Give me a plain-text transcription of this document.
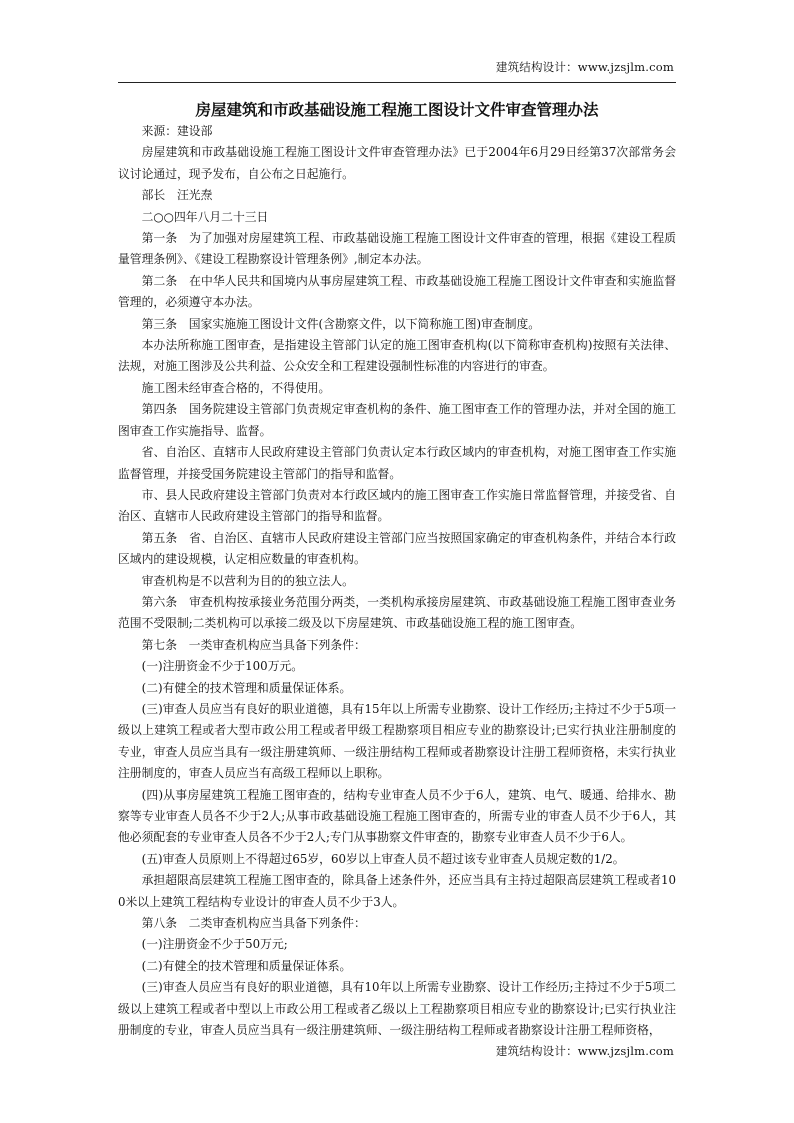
建筑结构设计：www.jzsjlm.com
房屋建筑和市政基础设施工程施工图设计文件审查管理办法

来源：建设部

房屋建筑和市政基础设施工程施工图设计文件审查管理办法》已于2004年6月29日经第37次部常务会议讨论通过，现予发布，自公布之日起施行。

部长　汪光焘

二○○四年八月二十三日

第一条　为了加强对房屋建筑工程、市政基础设施工程施工图设计文件审查的管理，根据《建设工程质量管理条例》、《建设工程勘察设计管理条例》,制定本办法。

第二条　在中华人民共和国境内从事房屋建筑工程、市政基础设施工程施工图设计文件审查和实施监督管理的，必须遵守本办法。

第三条　国家实施施工图设计文件(含勘察文件，以下简称施工图)审查制度。

本办法所称施工图审查，是指建设主管部门认定的施工图审查机构(以下简称审查机构)按照有关法律、法规，对施工图涉及公共利益、公众安全和工程建设强制性标准的内容进行的审查。

施工图未经审查合格的，不得使用。

第四条　国务院建设主管部门负责规定审查机构的条件、施工图审查工作的管理办法，并对全国的施工图审查工作实施指导、监督。

省、自治区、直辖市人民政府建设主管部门负责认定本行政区域内的审查机构，对施工图审查工作实施监督管理，并接受国务院建设主管部门的指导和监督。

市、县人民政府建设主管部门负责对本行政区域内的施工图审查工作实施日常监督管理，并接受省、自治区、直辖市人民政府建设主管部门的指导和监督。

第五条　省、自治区、直辖市人民政府建设主管部门应当按照国家确定的审查机构条件，并结合本行政区域内的建设规模，认定相应数量的审查机构。

审查机构是不以营利为目的的独立法人。

第六条　审查机构按承接业务范围分两类，一类机构承接房屋建筑、市政基础设施工程施工图审查业务范围不受限制;二类机构可以承接二级及以下房屋建筑、市政基础设施工程的施工图审查。

第七条　一类审查机构应当具备下列条件：

(一)注册资金不少于100万元。

(二)有健全的技术管理和质量保证体系。

(三)审查人员应当有良好的职业道德，具有15年以上所需专业勘察、设计工作经历;主持过不少于5项一级以上建筑工程或者大型市政公用工程或者甲级工程勘察项目相应专业的勘察设计;已实行执业注册制度的专业，审查人员应当具有一级注册建筑师、一级注册结构工程师或者勘察设计注册工程师资格，未实行执业注册制度的，审查人员应当有高级工程师以上职称。

(四)从事房屋建筑工程施工图审查的，结构专业审查人员不少于6人，建筑、电气、暖通、给排水、勘察等专业审查人员各不少于2人;从事市政基础设施工程施工图审查的，所需专业的审查人员不少于6人，其他必须配套的专业审查人员各不少于2人;专门从事勘察文件审查的，勘察专业审查人员不少于6人。

(五)审查人员原则上不得超过65岁，60岁以上审查人员不超过该专业审查人员规定数的1/2。

承担超限高层建筑工程施工图审查的，除具备上述条件外，还应当具有主持过超限高层建筑工程或者100米以上建筑工程结构专业设计的审查人员不少于3人。

第八条　二类审查机构应当具备下列条件：

(一)注册资金不少于50万元;

(二)有健全的技术管理和质量保证体系。

(三)审查人员应当有良好的职业道德，具有10年以上所需专业勘察、设计工作经历;主持过不少于5项二级以上建筑工程或者中型以上市政公用工程或者乙级以上工程勘察项目相应专业的勘察设计;已实行执业注册制度的专业，审查人员应当具有一级注册建筑师、一级注册结构工程师或者勘察设计注册工程师资格，

建筑结构设计：www.jzsjlm.com
